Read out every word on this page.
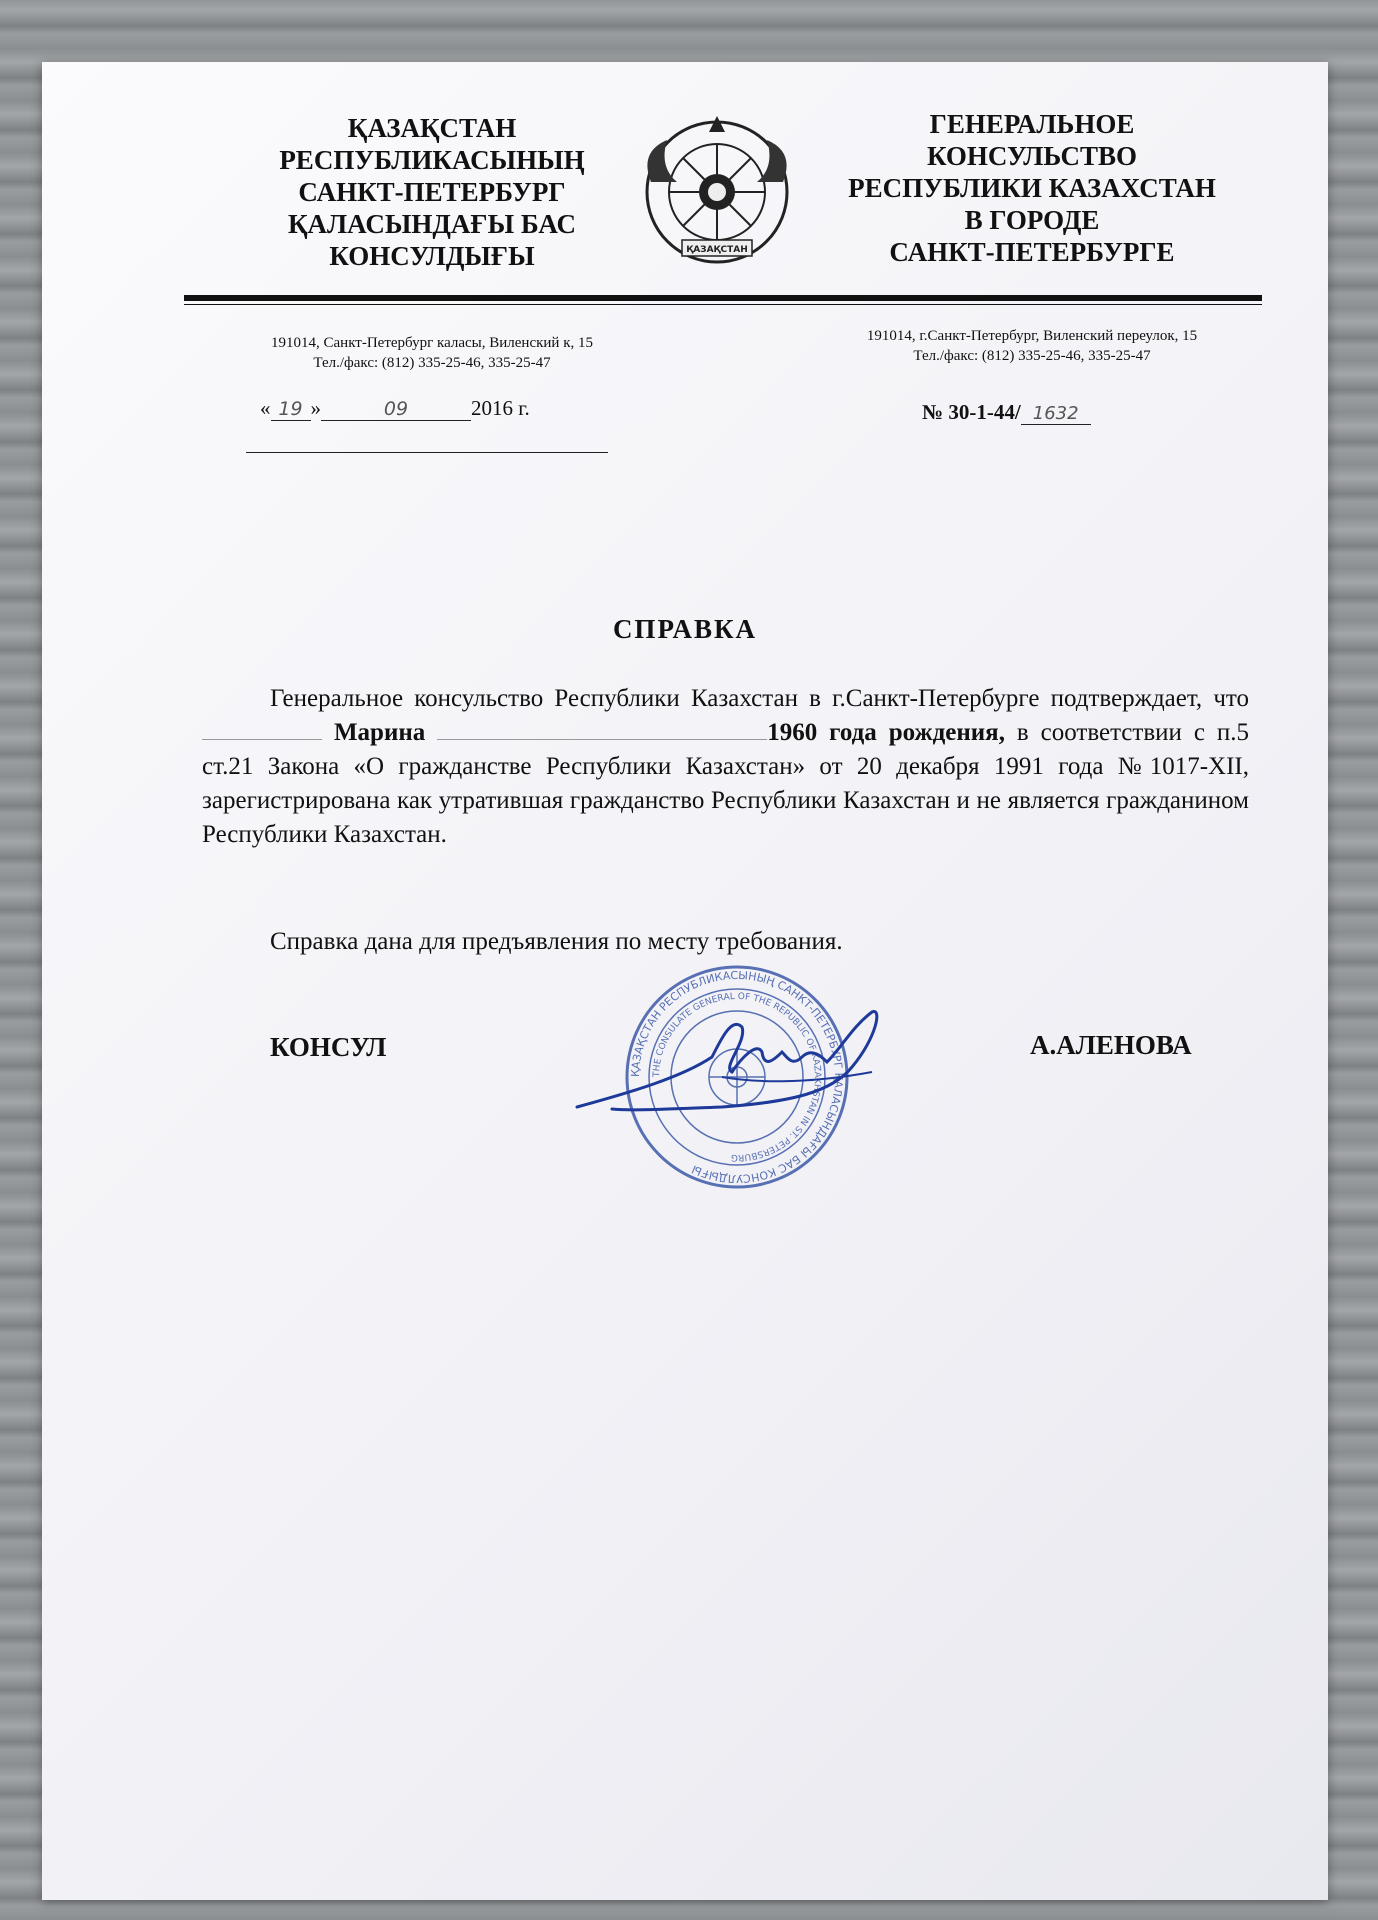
ҚАЗАҚСТАН
РЕСПУБЛИКАСЫНЫҢ
САНКТ-ПЕТЕРБУРГ
ҚАЛАСЫНДАҒЫ БАС
КОНСУЛДЫҒЫ	ҚАЗАҚСТАН
ГЕНЕРАЛЬНОЕ
КОНСУЛЬСТВО
РЕСПУБЛИКИ КАЗАХСТАН
В ГОРОДЕ
САНКТ-ПЕТЕРБУРГЕ
191014, Санкт-Петербург каласы, Виленский к, 15
Тел./факс: (812) 335-25-46, 335-25-47
191014, г.Санкт-Петербург, Виленский переулок, 15
Тел./факс: (812) 335-25-46, 335-25-47
« 19 »	09	2016 г.	№ 30-1-44/ 1632
СПРАВКА
Генеральное консульство Республики Казахстан в г.Санкт-Петербурге подтверждает, что  Марина	1960 года рождения, в соответствии с п.5 ст.21 Закона «О гражданстве Республики Казахстан» от 20 декабря 1991 года №1017-XII, зарегистрирована как утратившая гражданство Республики Казахстан и не является гражданином Республики Казахстан.
Справка дана для предъявления по месту требования.
КОНСУЛ	А.АЛЕНОВА
ҚАЗАҚСТАН РЕСПУБЛИКАСЫНЫҢ САНКТ-ПЕТЕРБУРГ ҚАЛАСЫНДАҒЫ БАС КОНСУЛДЫҒЫ
THE CONSULATE GENERAL OF THE REPUBLIC OF KAZAKHSTAN IN ST. PETERSBURG
